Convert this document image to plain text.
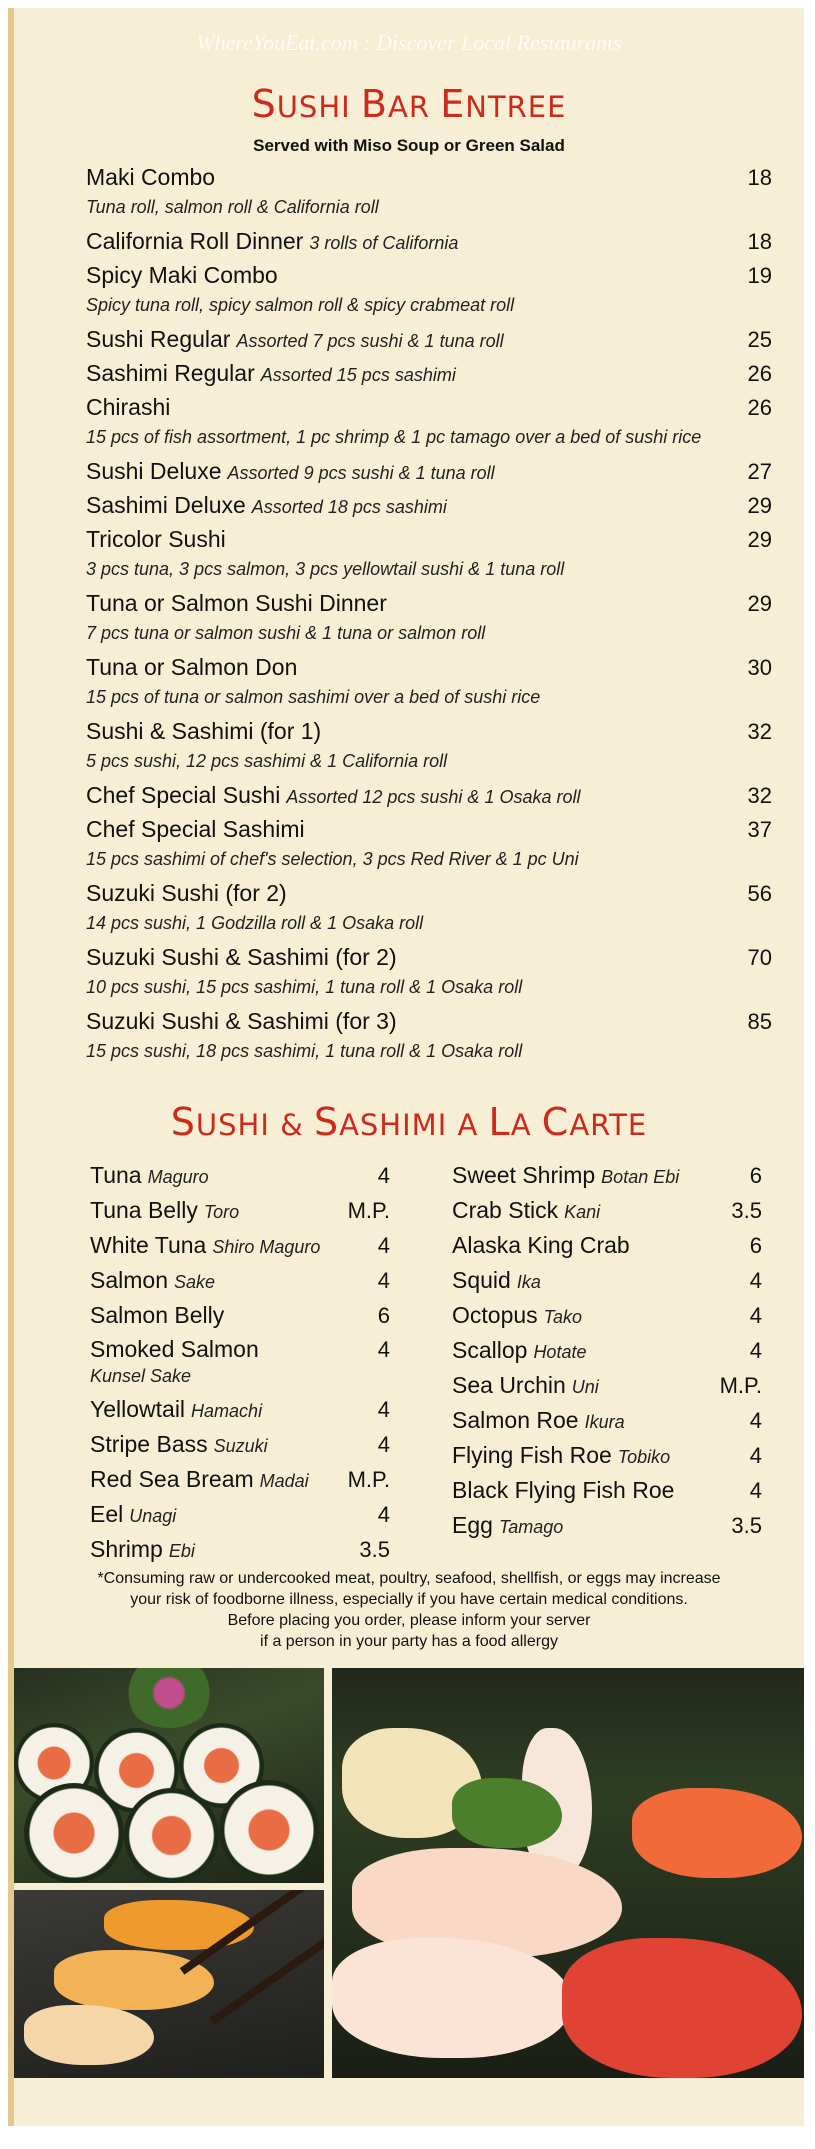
WhereYouEat.com : Discover Local Restaurants
SUSHI BAR ENTREE
Served with Miso Soup or Green Salad
Maki Combo	18
Tuna roll, salmon roll & California roll
California Roll Dinner 3 rolls of California	18
Spicy Maki Combo	19
Spicy tuna roll, spicy salmon roll & spicy crabmeat roll
Sushi Regular Assorted 7 pcs sushi & 1 tuna roll	25
Sashimi Regular Assorted 15 pcs sashimi	26
Chirashi	26
15 pcs of fish assortment, 1 pc shrimp & 1 pc tamago over a bed of sushi rice
Sushi Deluxe Assorted 9 pcs sushi & 1 tuna roll	27
Sashimi Deluxe Assorted 18 pcs sashimi	29
Tricolor Sushi	29
3 pcs tuna, 3 pcs salmon, 3 pcs yellowtail sushi & 1 tuna roll
Tuna or Salmon Sushi Dinner	29
7 pcs tuna or salmon sushi & 1 tuna or salmon roll
Tuna or Salmon Don	30
15 pcs of tuna or salmon sashimi over a bed of sushi rice
Sushi & Sashimi (for 1)	32
5 pcs sushi, 12 pcs sashimi & 1 California roll
Chef Special Sushi Assorted 12 pcs sushi & 1 Osaka roll	32
Chef Special Sashimi	37
15 pcs sashimi of chef's selection, 3 pcs Red River & 1 pc Uni
Suzuki Sushi (for 2)	56
14 pcs sushi, 1 Godzilla roll & 1 Osaka roll
Suzuki Sushi & Sashimi (for 2)	70
10 pcs sushi, 15 pcs sashimi, 1 tuna roll & 1 Osaka roll
Suzuki Sushi & Sashimi (for 3)	85
15 pcs sushi, 18 pcs sashimi, 1 tuna roll & 1 Osaka roll
SUSHI & SASHIMI A LA CARTE
Tuna Maguro	4
Tuna Belly Toro	M.P.
White Tuna Shiro Maguro	4
Salmon Sake	4
Salmon Belly	6
Smoked Salmon	4
Kunsel Sake
Yellowtail Hamachi	4
Stripe Bass Suzuki	4
Red Sea Bream Madai M.P.
Eel Unagi	4
Shrimp Ebi	3.5
Sweet Shrimp Botan Ebi	6
Crab Stick Kani	3.5
Alaska King Crab	6
Squid Ika	4
Octopus Tako	4
Scallop Hotate	4
Sea Urchin Uni	M.P.
Salmon Roe Ikura	4
Flying Fish Roe Tobiko	4
Black Flying Fish Roe	4
Egg Tamago	3.5
*Consuming raw or undercooked meat, poultry, seafood, shellfish, or eggs may increase
your risk of foodborne illness, especially if you have certain medical conditions.
Before placing you order, please inform your server
if a person in your party has a food allergy
